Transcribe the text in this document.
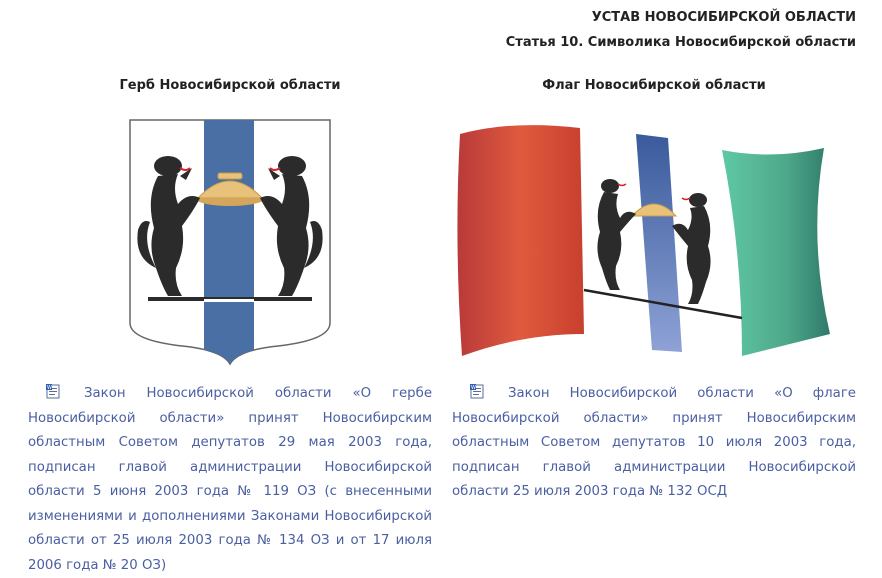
УСТАВ НОВОСИБИРСКОЙ ОБЛАСТИ
Статья 10. Символика Новосибирской области
Герб Новосибирской области	Флаг Новосибирской области
W Закон Новосибирской области «О гербе Новосибирской области» принят Новосибирским областным Советом депутатов 29 мая 2003 года, подписан главой администрации Новосибирской области 5 июня 2003 года № 119 ОЗ (с внесенными изменениями и дополнениями Законами Новосибирской области от 25 июля 2003 года № 134 ОЗ и от 17 июля 2006 года № 20 ОЗ)
W Закон Новосибирской области «О флаге Новосибирской области» принят Новосибирским областным Советом депутатов 10 июля 2003 года, подписан главой администрации Новосибирской области 25 июля 2003 года № 132 ОСД
